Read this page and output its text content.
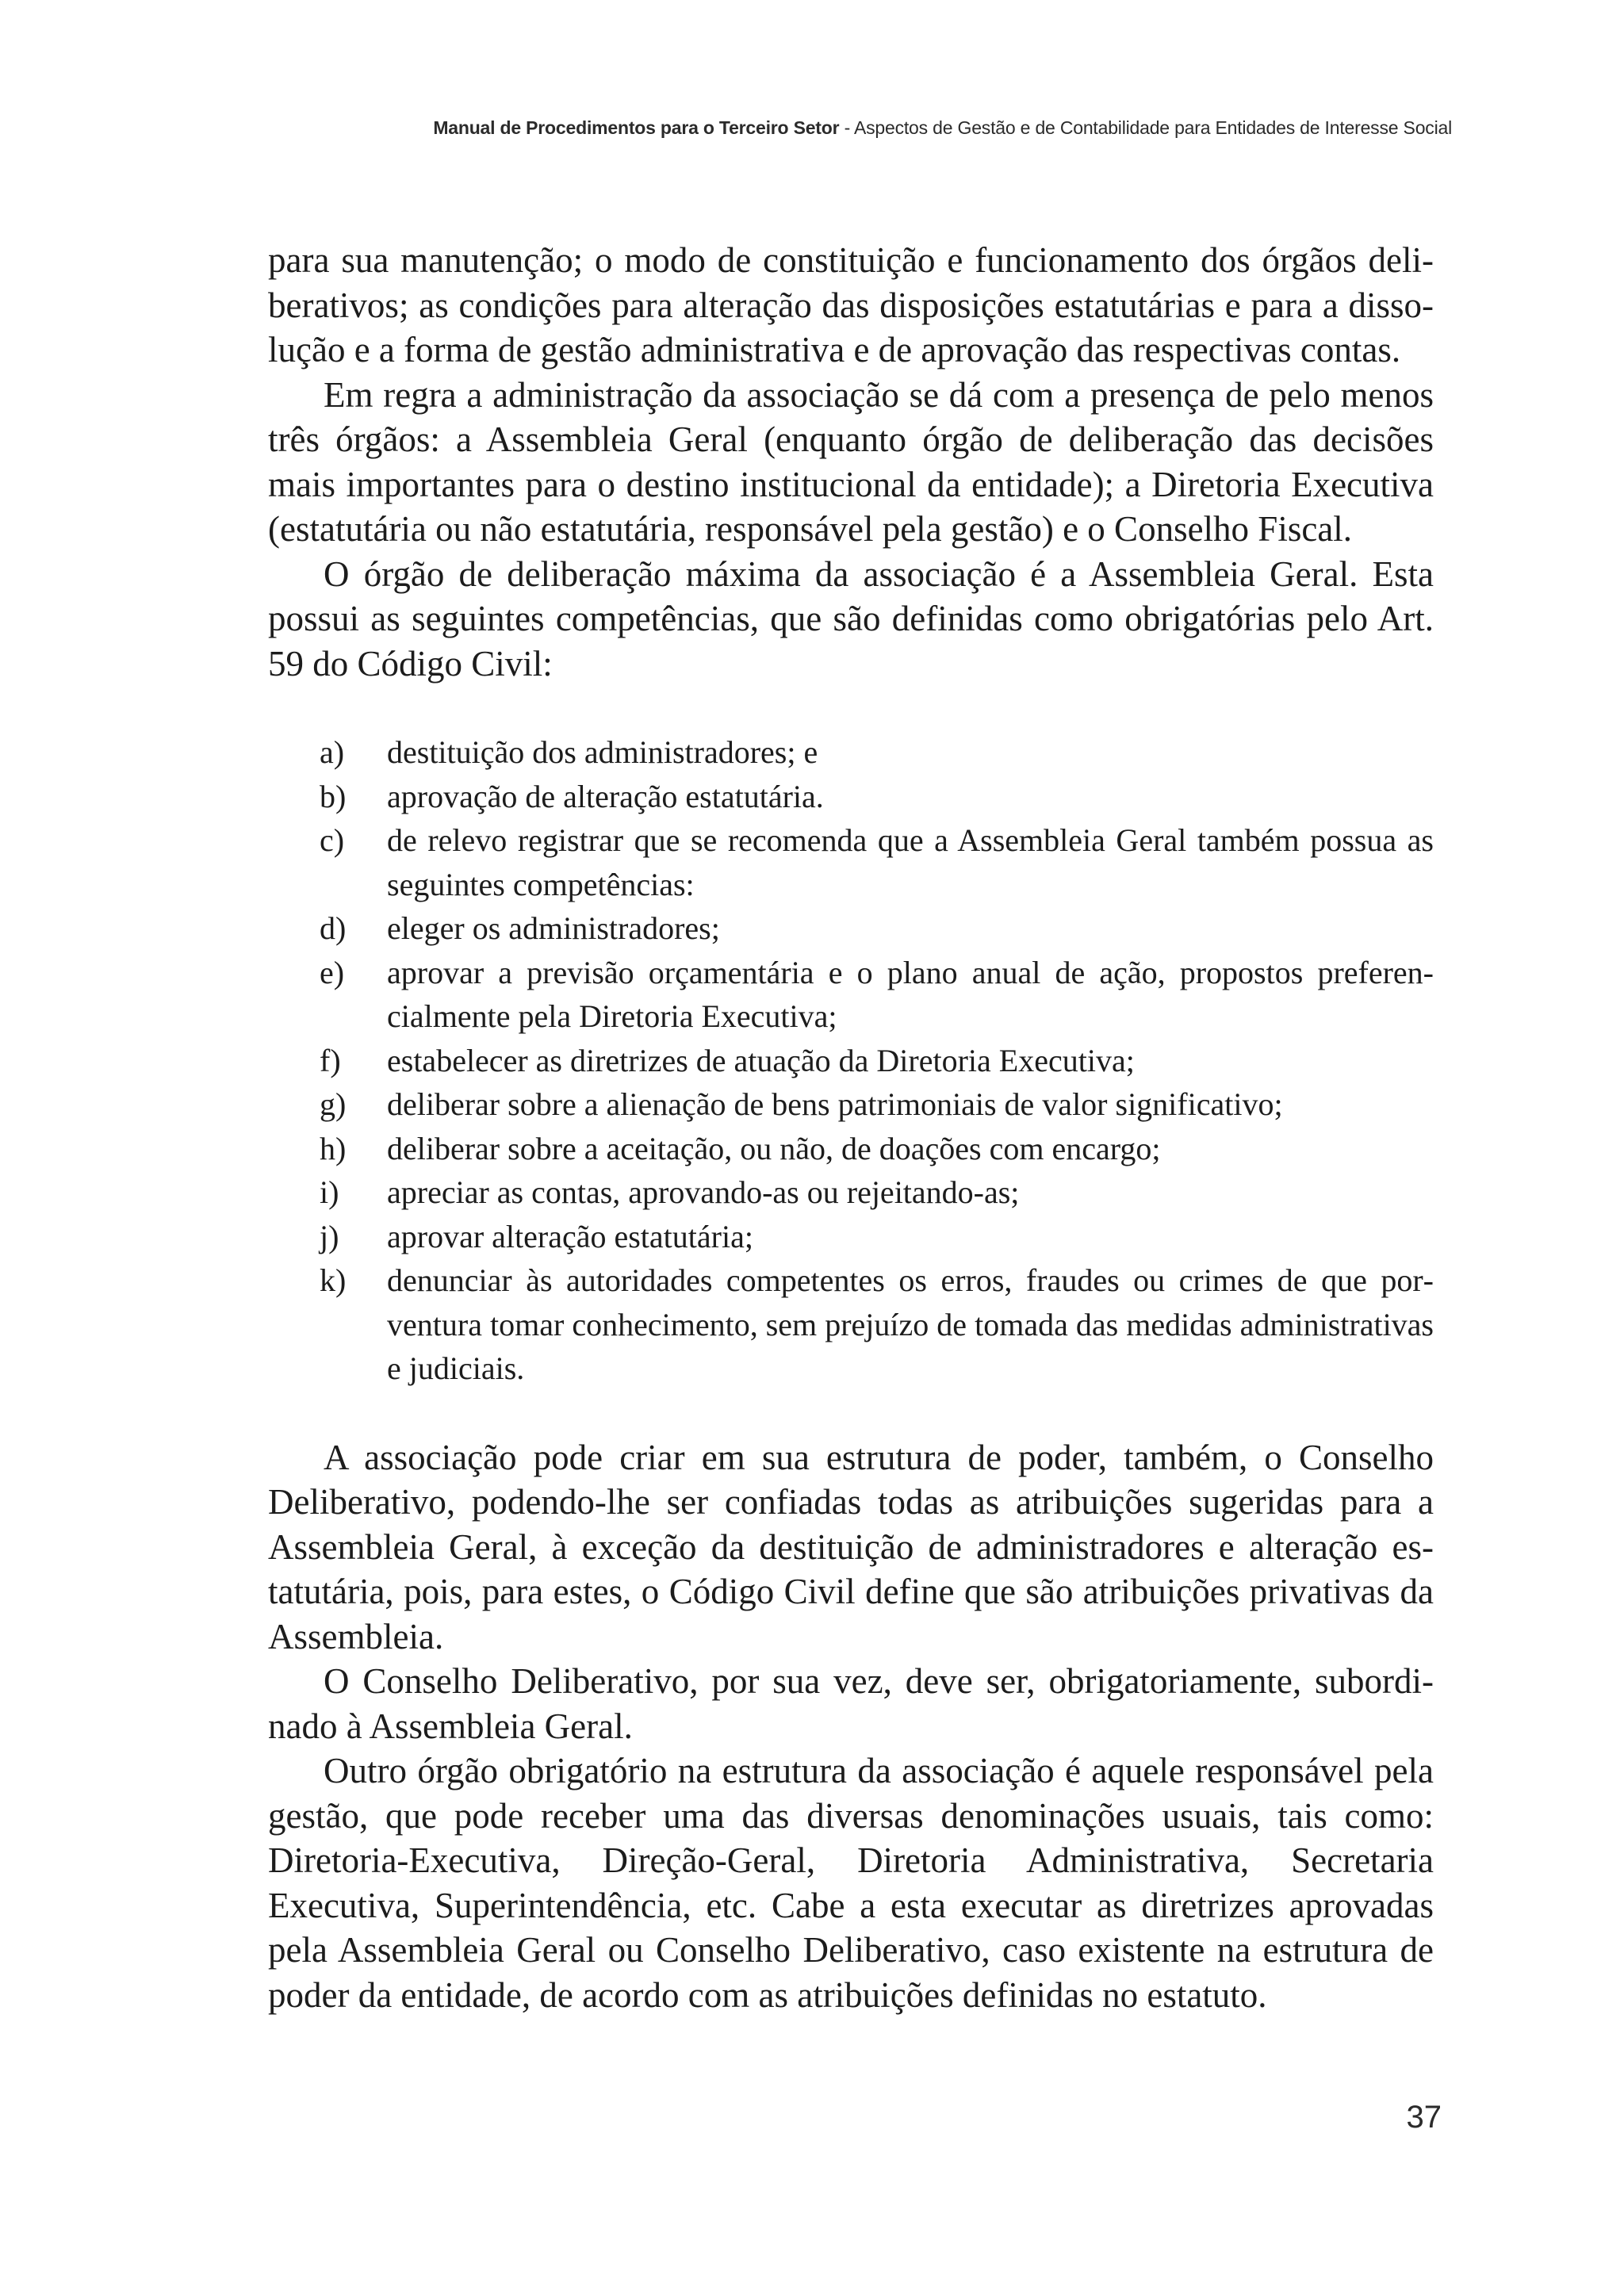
Manual de Procedimentos para o Terceiro Setor - Aspectos de Gestão e de Contabilidade para Entidades de Interesse Social

para sua manutenção; o modo de constituição e funcionamento dos órgãos deliberativos; as condições para alteração das disposições estatutárias e para a dissolução e a forma de gestão administrativa e de aprovação das respectivas contas.

Em regra a administração da associação se dá com a presença de pelo menos três órgãos: a Assembleia Geral (enquanto órgão de deliberação das decisões mais importantes para o destino institucional da entidade); a Diretoria Executiva (estatutária ou não estatutária, responsável pela gestão) e o Conselho Fiscal.

O órgão de deliberação máxima da associação é a Assembleia Geral. Esta possui as seguintes competências, que são definidas como obrigatórias pelo Art. 59 do Código Civil:

a)	destituição dos administradores; e
b)	aprovação de alteração estatutária.
c)	de relevo registrar que se recomenda que a Assembleia Geral também possua as seguintes competências:
d)	eleger os administradores;
e)	aprovar a previsão orçamentária e o plano anual de ação, propostos preferencialmente pela Diretoria Executiva;
f)	estabelecer as diretrizes de atuação da Diretoria Executiva;
g)	deliberar sobre a alienação de bens patrimoniais de valor significativo;
h)	deliberar sobre a aceitação, ou não, de doações com encargo;
i)	apreciar as contas, aprovando-as ou rejeitando-as;
j)	aprovar alteração estatutária;
k)	denunciar às autoridades competentes os erros, fraudes ou crimes de que porventura tomar conhecimento, sem prejuízo de tomada das medidas administrativas e judiciais.

A associação pode criar em sua estrutura de poder, também, o Conselho Deliberativo, podendo-lhe ser confiadas todas as atribuições sugeridas para a Assembleia Geral, à exceção da destituição de administradores e alteração estatutária, pois, para estes, o Código Civil define que são atribuições privativas da Assembleia.

O Conselho Deliberativo, por sua vez, deve ser, obrigatoriamente, subordinado à Assembleia Geral.

Outro órgão obrigatório na estrutura da associação é aquele responsável pela gestão, que pode receber uma das diversas denominações usuais, tais como: Diretoria-Executiva, Direção-Geral, Diretoria Administrativa, Secretaria Executiva, Superintendência, etc. Cabe a esta executar as diretrizes aprovadas pela Assembleia Geral ou Conselho Deliberativo, caso existente na estrutura de poder da entidade, de acordo com as atribuições definidas no estatuto.

37
